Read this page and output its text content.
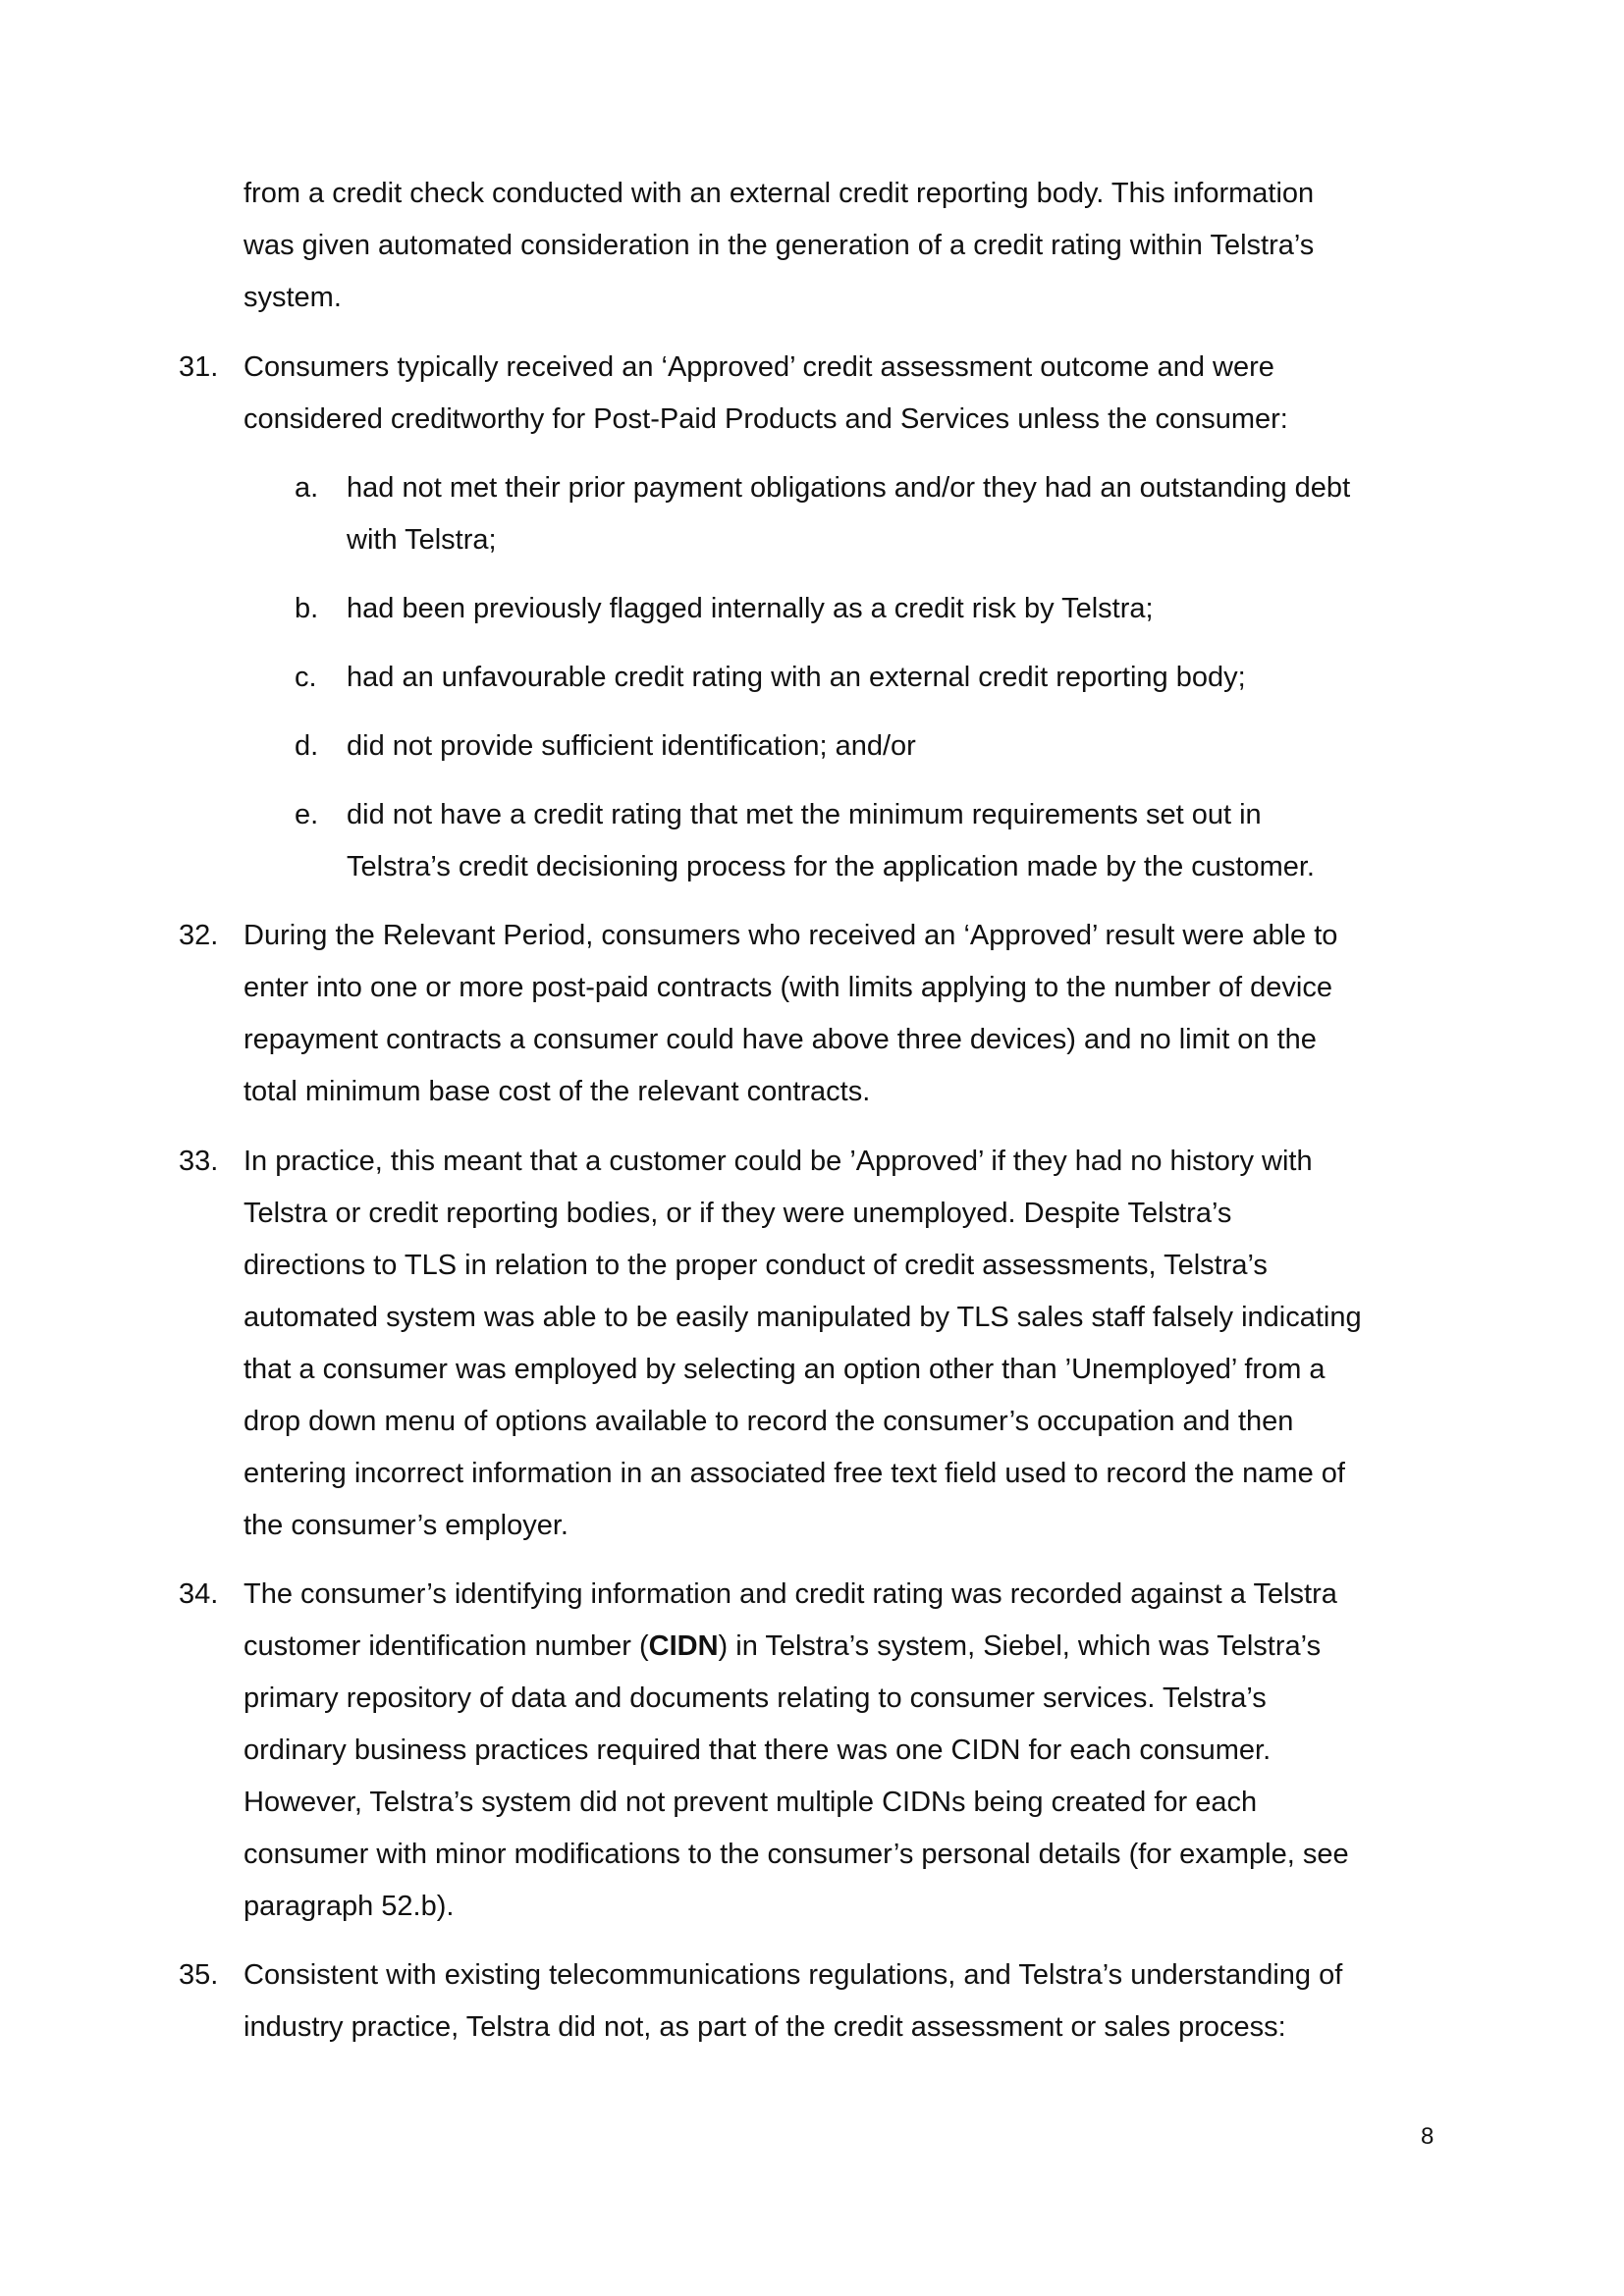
from a credit check conducted with an external credit reporting body. This information

was given automated consideration in the generation of a credit rating within Telstra’s

system.

31. Consumers typically received an ‘Approved’ credit assessment outcome and were

considered creditworthy for Post-Paid Products and Services unless the consumer:

a. had not met their prior payment obligations and/or they had an outstanding debt

with Telstra;

b. had been previously flagged internally as a credit risk by Telstra;

c. had an unfavourable credit rating with an external credit reporting body;

d. did not provide sufficient identification; and/or

e. did not have a credit rating that met the minimum requirements set out in

Telstra’s credit decisioning process for the application made by the customer.

32. During the Relevant Period, consumers who received an ‘Approved’ result were able to

enter into one or more post-paid contracts (with limits applying to the number of device

repayment contracts a consumer could have above three devices) and no limit on the

total minimum base cost of the relevant contracts.

33. In practice, this meant that a customer could be ’Approved’ if they had no history with

Telstra or credit reporting bodies, or if they were unemployed. Despite Telstra’s

directions to TLS in relation to the proper conduct of credit assessments, Telstra’s

automated system was able to be easily manipulated by TLS sales staff falsely indicating

that a consumer was employed by selecting an option other than ’Unemployed’ from a

drop down menu of options available to record the consumer’s occupation and then

entering incorrect information in an associated free text field used to record the name of

the consumer’s employer.

34. The consumer’s identifying information and credit rating was recorded against a Telstra

customer identification number (CIDN) in Telstra’s system, Siebel, which was Telstra’s

primary repository of data and documents relating to consumer services. Telstra’s

ordinary business practices required that there was one CIDN for each consumer.

However, Telstra’s system did not prevent multiple CIDNs being created for each

consumer with minor modifications to the consumer’s personal details (for example, see

paragraph 52.b).

35. Consistent with existing telecommunications regulations, and Telstra’s understanding of

industry practice, Telstra did not, as part of the credit assessment or sales process:

8
